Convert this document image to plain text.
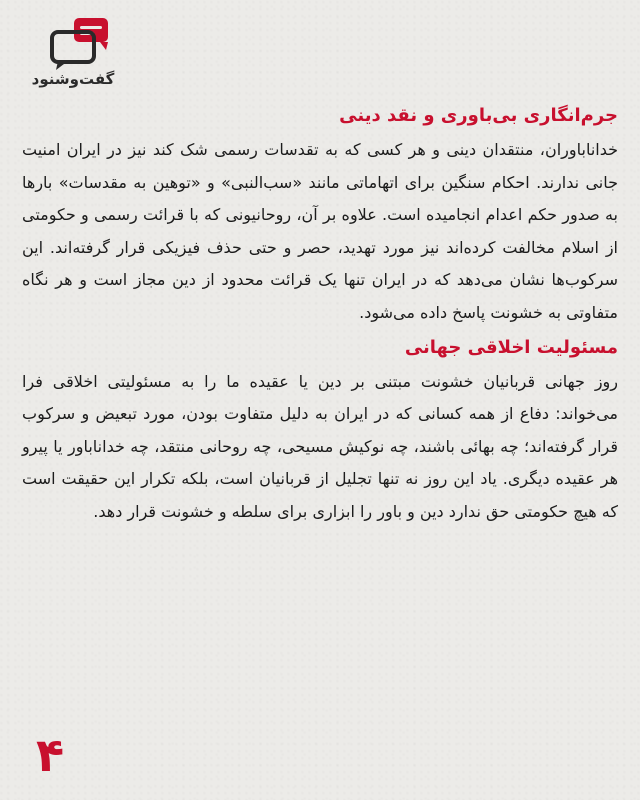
گفت‌وشنود
جرم‌انگاری بی‌باوری و نقد دینی

خداناباوران، منتقدان دینی و هر کسی که به تقدسات رسمی شک کند نیز در ایران امنیت جانی ندارند. احکام سنگین برای اتهاماتی مانند «سب‌النبی» و «توهین به مقدسات» بارها به صدور حکم اعدام انجامیده است. علاوه بر آن، روحانیونی که با قرائت رسمی و حکومتی از اسلام مخالفت کرده‌اند نیز مورد تهدید، حصر و حتی حذف فیزیکی قرار گرفته‌اند. این سرکوب‌ها نشان می‌دهد که در ایران تنها یک قرائت محدود از دین مجاز است و هر نگاه متفاوتی به خشونت پاسخ داده می‌شود.

مسئولیت اخلاقی جهانی

روز جهانی قربانیان خشونت مبتنی بر دین یا عقیده ما را به مسئولیتی اخلاقی فرا می‌خواند: دفاع از همه کسانی که در ایران به دلیل متفاوت بودن، مورد تبعیض و سرکوب قرار گرفته‌اند؛ چه بهائی باشند، چه نوکیش مسیحی، چه روحانی منتقد، چه خداناباور یا پیرو هر عقیده دیگری. یاد این روز نه تنها تجلیل از قربانیان است، بلکه تکرار این حقیقت است که هیچ حکومتی حق ندارد دین و باور را ابزاری برای سلطه و خشونت قرار دهد.

۴
